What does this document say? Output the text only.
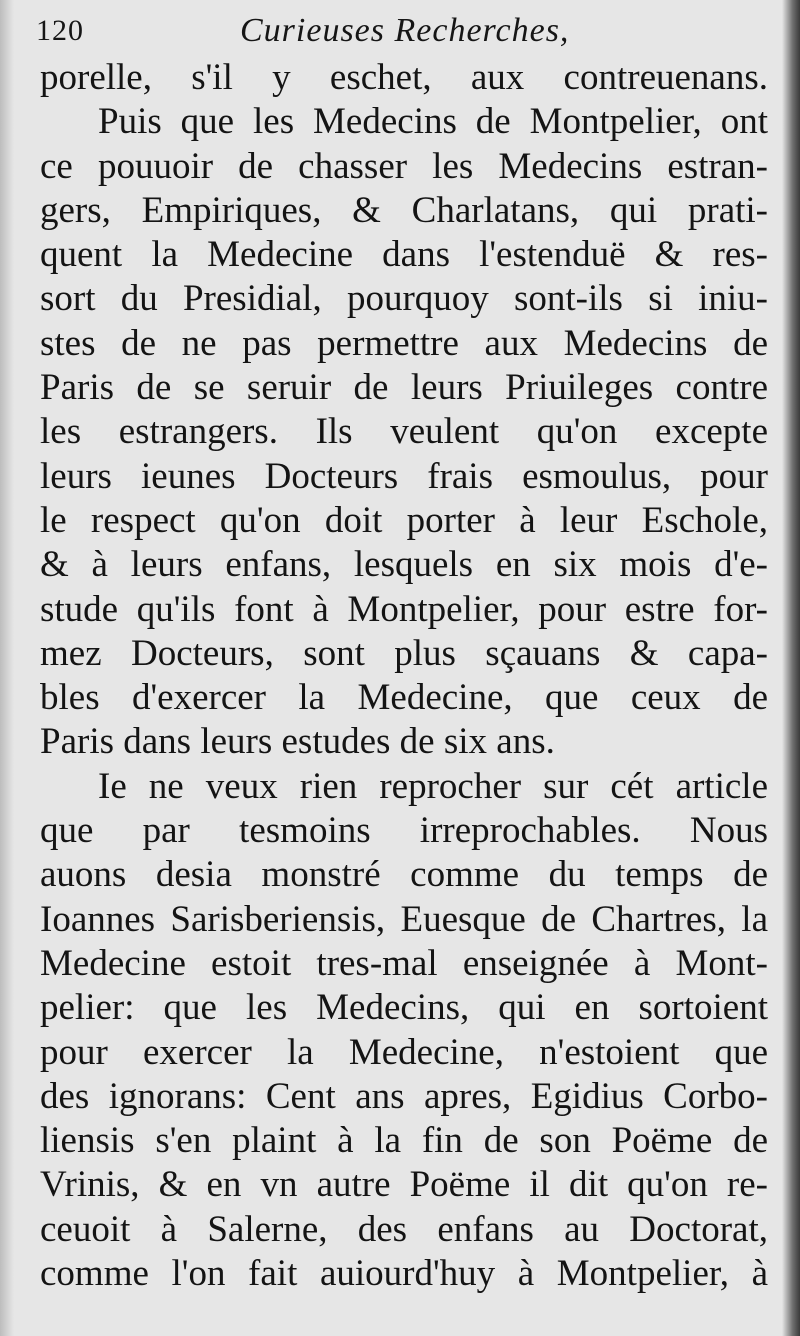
120	Curieuses Recherches,
porelle, s'il y eschet, aux contreuenans.
Puis que les Medecins de Montpelier, ont
ce pouuoir de chasser les Medecins estran-
gers, Empiriques, & Charlatans, qui prati-
quent la Medecine dans l'estenduë & res-
sort du Presidial, pourquoy sont-ils si iniu-
stes de ne pas permettre aux Medecins de
Paris de se seruir de leurs Priuileges contre
les estrangers. Ils veulent qu'on excepte
leurs ieunes Docteurs frais esmoulus, pour
le respect qu'on doit porter à leur Eschole,
& à leurs enfans, lesquels en six mois d'e-
stude qu'ils font à Montpelier, pour estre for-
mez Docteurs, sont plus sçauans & capa-
bles d'exercer la Medecine, que ceux de
Paris dans leurs estudes de six ans.
Ie ne veux rien reprocher sur cét article
que par tesmoins irreprochables. Nous
auons desia monstré comme du temps de
Ioannes Sarisberiensis, Euesque de Chartres, la
Medecine estoit tres-mal enseignée à Mont-
pelier: que les Medecins, qui en sortoient
pour exercer la Medecine, n'estoient que
des ignorans: Cent ans apres, Egidius Corbo-
liensis s'en plaint à la fin de son Poëme de
Vrinis, & en vn autre Poëme il dit qu'on re-
ceuoit à Salerne, des enfans au Doctorat,
comme l'on fait auiourd'huy à Montpelier, à
